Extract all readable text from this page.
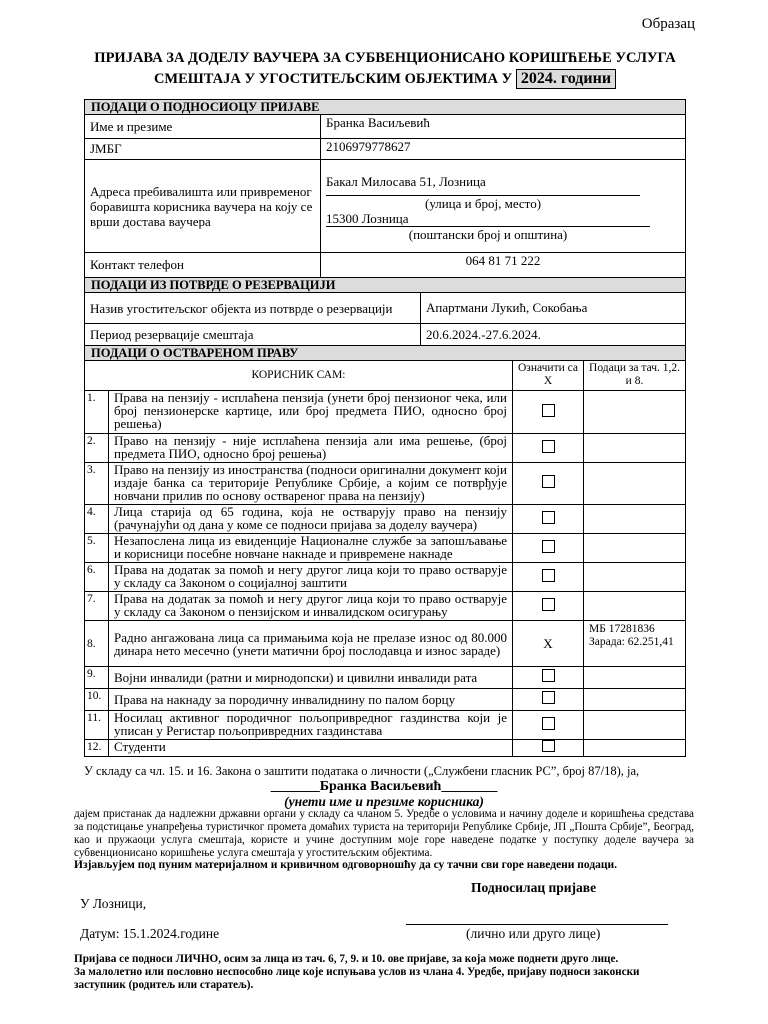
Образац
ПРИЈАВА ЗА ДОДЕЛУ ВАУЧЕРА ЗА СУБВЕНЦИОНИСАНО КОРИШЋЕЊЕ УСЛУГА
СМЕШТАЈА У УГОСТИТЕЉСКИМ ОБЈЕКТИМА У 2024. години
ПОДАЦИ О ПОДНОСИОЦУ ПРИЈАВЕ					
Име и презиме		Бранка Васиљевић			
ЈМБГ		2106979778627			
Адреса пребивалишта или привременог боравишта корисника ваучера на коју се врши достава ваучера		Бакал Милосава 51, Лозница
(улица и број, место)
15300 Лозница
(поштански број и општина)			

Контакт телефон		064 81 71 222			
ПОДАЦИ ИЗ ПОТВРДЕ О РЕЗЕРВАЦИЈИ					
Назив угоститељског објекта из потврде о резервацији			Апартмани Лукић, Сокобања		
Период резервације смештаја			20.6.2024.-27.6.2024.		
ПОДАЦИ О ОСТВАРЕНОМ ПРАВУ					
КОРИСНИК САМ:				Означити са X	Подаци за тач. 1,2. и 8.
1.	Права на пензију - исплаћена пензија (унети број пензионог чека, или број пензионерске картице, или број предмета ПИО, односно број решења)				
2.	Право на пензију - није исплаћена пензија али има решење, (број предмета ПИО, односно број решења)				
3.	Право на пензију из иностранства (подноси оригинални документ који издаје банка са територије Републике Србије, а којим се потврђује новчани прилив по основу оствареног права на пензију)				
4.	Лица старија од 65 година, која не остварују право на пензију (рачунајући од дана у коме се подноси пријава за доделу ваучера)				
5.	Незапослена лица из евиденције Националне службе за запошљавање и корисници посебне новчане накнаде и привремене накнаде				
6.	Права на додатак за помоћ и негу другог лица који то право остварује у складу са Законом о социјалној заштити				
7.	Права на додатак за помоћ и негу другог лица који то право остварује у складу са Законом о пензијском и инвалидском осигурању				
8.	Радно ангажована лица са примањима која не прелазе износ од 80.000 динара нето месечно (унети матични број послодавца и износ зараде)			X	МБ 17281836
Зарада: 62.251,41
9.	Војни инвалиди (ратни и мирнодопски) и цивилни инвалиди рата				
10.	Права на накнаду за породичну инвалиднину по палом борцу				
11.	Носилац активног породичног пољопривредног газдинства који је уписан у Регистар пољопривредних газдинстава				
12.	Студенти				
У складу са чл. 15. и 16. Закона о заштити података о личности („Службени гласник РС”, број 87/18), ја,
_______Бранка Васиљевић________
(унети име и презиме корисника)
дајем пристанак да надлежни државни органи у складу са чланом 5. Уредбе о условима и начину доделе и коришћења средстава за подстицање унапређења туристичког промета домаћих туриста на територији Републике Србије, ЈП „Пошта Србије”, Београд, као и пружаоци услуга смештаја, користе и учине доступним моје горе наведене податке у поступку доделе ваучера за субвенционисано коришћење услуга смештаја у угоститељским објектима.
Изјављујем под пуним материјалном и кривичном одговорношћу да су тачни сви горе наведени подаци.
Подносилац пријаве
У Лозници,
Датум: 15.1.2024.године	(лично или друго лице)
Пријава се подноси ЛИЧНО, осим за лица из тач. 6, 7, 9. и 10. ове пријаве, за која може поднети друго лице.
За малолетно или пословно неспособно лице које испуњава услов из члана 4. Уредбе, пријаву подноси законски заступник (родитељ или старатељ).
